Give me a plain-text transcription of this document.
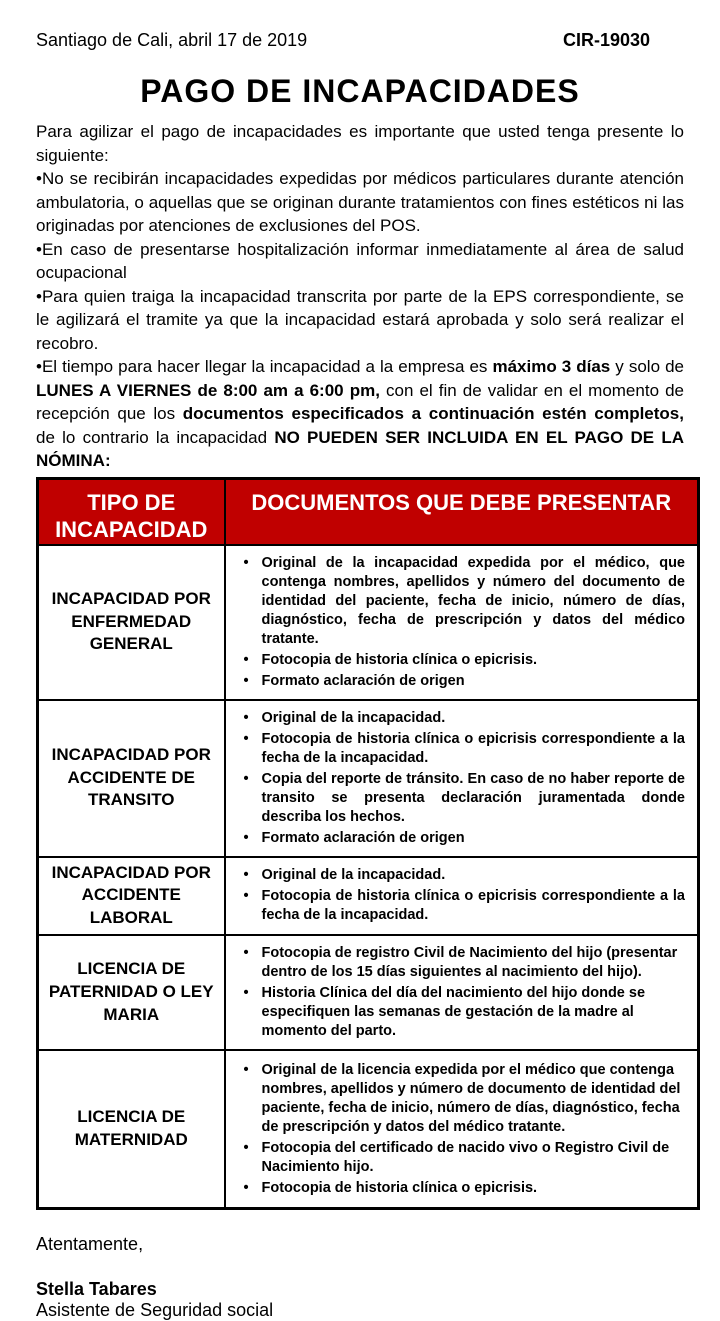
Santiago de Cali, abril 17 de 2019	CIR-19030
PAGO DE INCAPACIDADES

Para agilizar el pago de incapacidades es importante que usted tenga presente lo siguiente:

•No se recibirán incapacidades expedidas por médicos particulares durante atención ambulatoria, o aquellas que se originan durante tratamientos con fines estéticos ni las originadas por atenciones de exclusiones del POS.

•En caso de presentarse hospitalización informar inmediatamente al área de salud ocupacional

•Para quien traiga la incapacidad transcrita por parte de la EPS correspondiente, se le agilizará el tramite ya que la incapacidad estará aprobada y solo será realizar el recobro.

•El tiempo para hacer llegar la incapacidad a la empresa es máximo 3 días y solo de LUNES A VIERNES de 8:00 am a 6:00 pm, con el fin de validar en el momento de recepción que los documentos especificados a continuación estén completos, de lo contrario la incapacidad NO PUEDEN SER INCLUIDA EN EL PAGO DE LA NÓMINA:

TIPO DE INCAPACIDAD	DOCUMENTOS QUE DEBE PRESENTAR
INCAPACIDAD POR ENFERMEDAD GENERAL	• Original de la incapacidad expedida por el médico, que contenga nombres, apellidos y número del documento de identidad del paciente, fecha de inicio, número de días, diagnóstico, fecha de prescripción y datos del médico tratante.
• Fotocopia de historia clínica o epicrisis.
• Formato aclaración de origen

INCAPACIDAD POR ACCIDENTE DE TRANSITO	• Original de la incapacidad.
• Fotocopia de historia clínica o epicrisis correspondiente a la fecha de la incapacidad.
• Copia del reporte de tránsito. En caso de no haber reporte de transito se presenta declaración juramentada donde describa los hechos.
• Formato aclaración de origen

INCAPACIDAD POR ACCIDENTE LABORAL	• Original de la incapacidad.
• Fotocopia de historia clínica o epicrisis correspondiente a la fecha de la incapacidad.

LICENCIA DE PATERNIDAD O LEY MARIA	• Fotocopia de registro Civil de Nacimiento del hijo (presentar dentro de los 15 días siguientes al nacimiento del hijo).
• Historia Clínica del día del nacimiento del hijo donde se especifiquen las semanas de gestación de la madre al momento del parto.

LICENCIA DE MATERNIDAD	• Original de la licencia expedida por el médico que contenga nombres, apellidos y número de documento de identidad del paciente, fecha de inicio, número de días, diagnóstico, fecha de prescripción y datos del médico tratante.
• Fotocopia del certificado de nacido vivo o Registro Civil de Nacimiento hijo.
• Fotocopia de historia clínica o epicrisis.
Atentamente,
Stella Tabares
Asistente de Seguridad social
